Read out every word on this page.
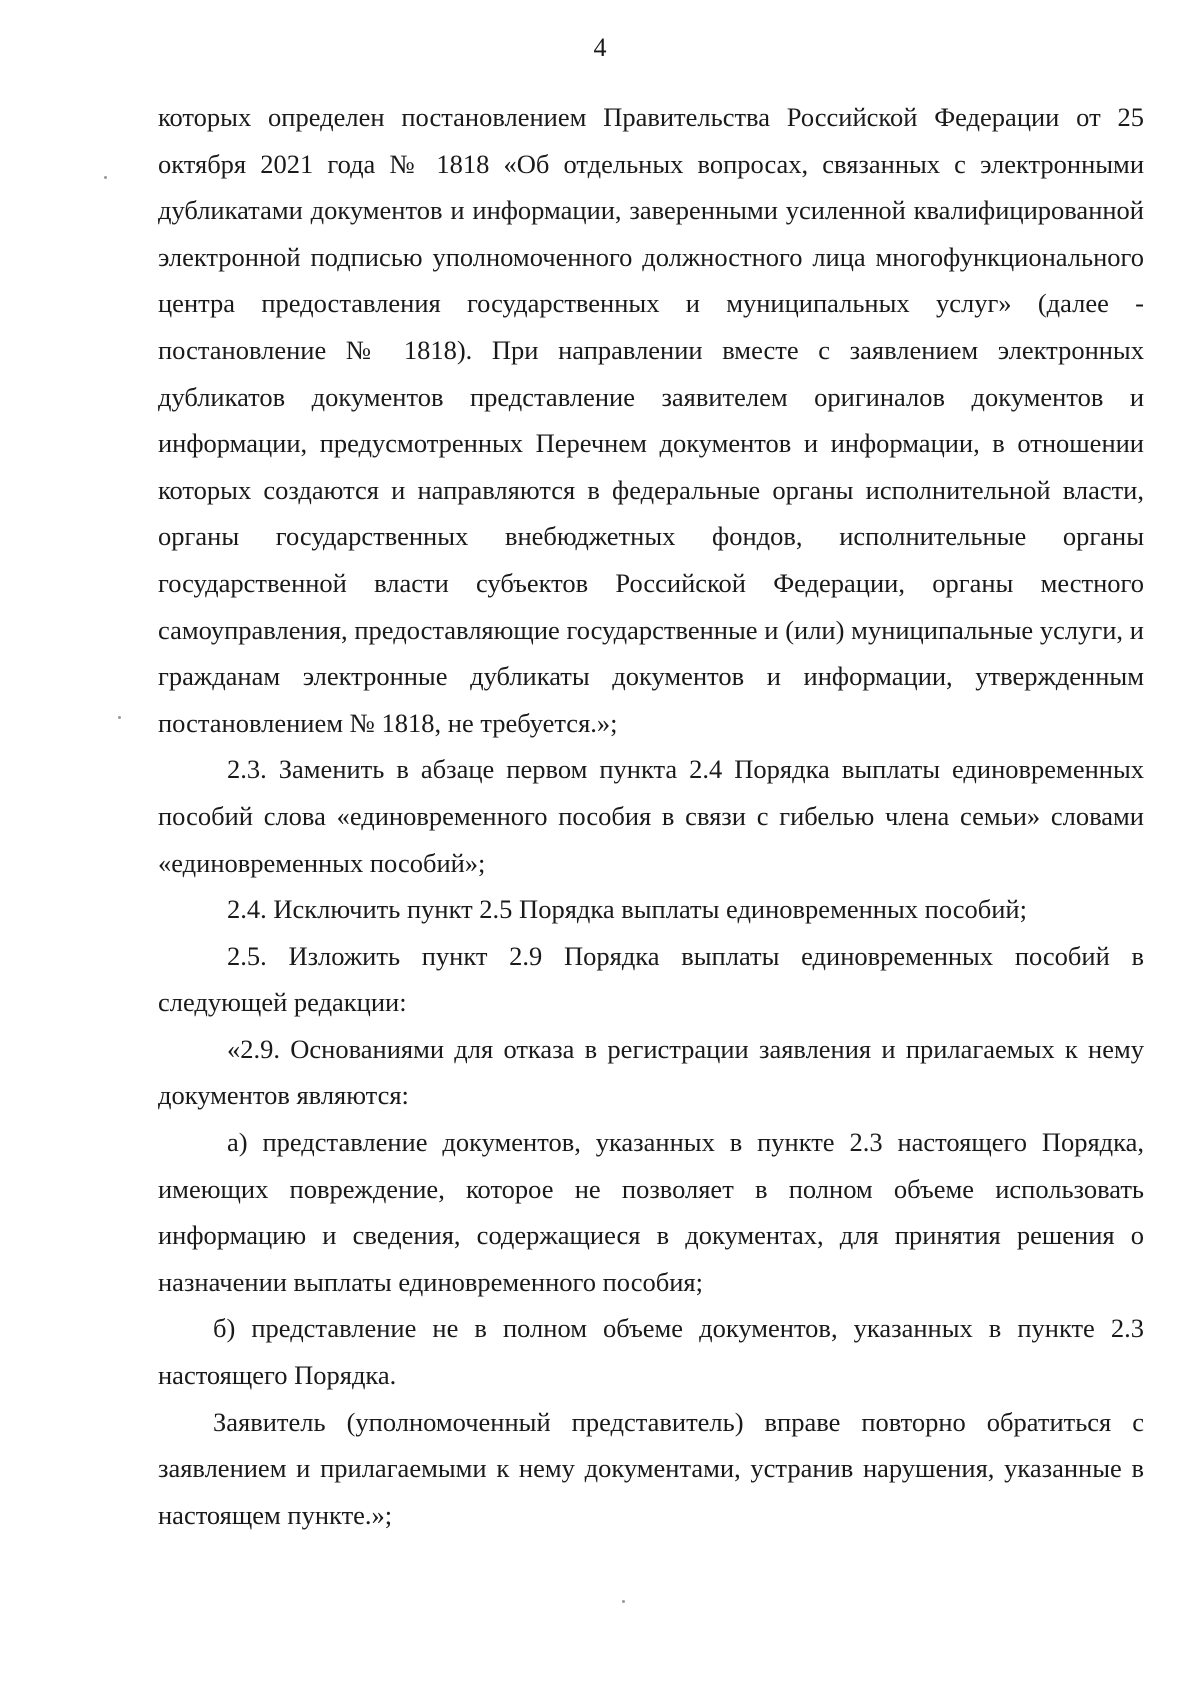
4

которых определен постановлением Правительства Российской Федерации от 25 октября 2021 года № 1818 «Об отдельных вопросах, связанных с электронными дубликатами документов и информации, заверенными усиленной квалифицированной электронной подписью уполномоченного должностного лица многофункционального центра предоставления государственных и муниципальных услуг» (далее - постановление № 1818). При направлении вместе с заявлением электронных дубликатов документов представление заявителем оригиналов документов и информации, предусмотренных Перечнем документов и информации, в отношении которых создаются и направляются в федеральные органы исполнительной власти, органы государственных внебюджетных фондов, исполнительные органы государственной власти субъектов Российской Федерации, органы местного самоуправления, предоставляющие государственные и (или) муниципальные услуги, и гражданам электронные дубликаты документов и информации, утвержденным постановлением № 1818, не требуется.»;

2.3. Заменить в абзаце первом пункта 2.4 Порядка выплаты единовременных пособий слова «единовременного пособия в связи с гибелью члена семьи» словами «единовременных пособий»;

2.4. Исключить пункт 2.5 Порядка выплаты единовременных пособий;

2.5. Изложить пункт 2.9 Порядка выплаты единовременных пособий в следующей редакции:

«2.9. Основаниями для отказа в регистрации заявления и прилагаемых к нему документов являются:

а) представление документов, указанных в пункте 2.3 настоящего Порядка, имеющих повреждение, которое не позволяет в полном объеме использовать информацию и сведения, содержащиеся в документах, для принятия решения о назначении выплаты единовременного пособия;

б) представление не в полном объеме документов, указанных в пункте 2.3 настоящего Порядка.

Заявитель (уполномоченный представитель) вправе повторно обратиться с заявлением и прилагаемыми к нему документами, устранив нарушения, указанные в настоящем пункте.»;
